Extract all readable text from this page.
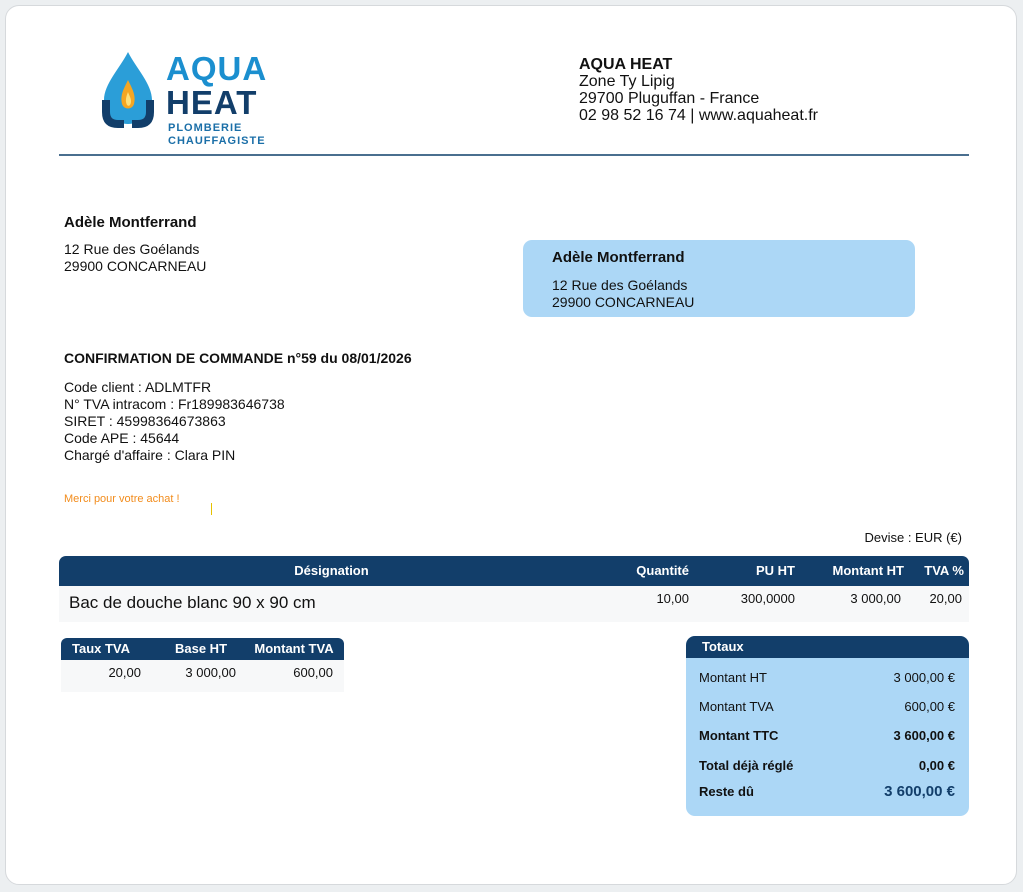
AQUA
HEAT
PLOMBERIE
CHAUFFAGISTE
AQUA HEAT
Zone Ty Lipig
29700 Pluguffan - France
02 98 52 16 74 | www.aquaheat.fr
Adèle Montferrand
12 Rue des Goélands
29900 CONCARNEAU	Adèle Montferrand
12 Rue des Goélands
29900 CONCARNEAU
CONFIRMATION DE COMMANDE n°59 du 08/01/2026
Code client : ADLMTFR
N° TVA intracom : Fr189983646738
SIRET : 45998364673863
Code APE : 45644
Chargé d'affaire : Clara PIN
Merci pour votre achat !
Devise : EUR (€)
Désignation	Quantité	PU HT	Montant HT	TVA %
Bac de douche blanc 90 x 90 cm	10,00	300,0000	3 000,00	20,00
Taux TVA	Base HT	Montant TVA
20,00	3 000,00	600,00
Totaux
Montant HT	3 000,00 €
Montant TVA	600,00 €
Montant TTC	3 600,00 €
Total déjà réglé	0,00 €
Reste dû	3 600,00 €
